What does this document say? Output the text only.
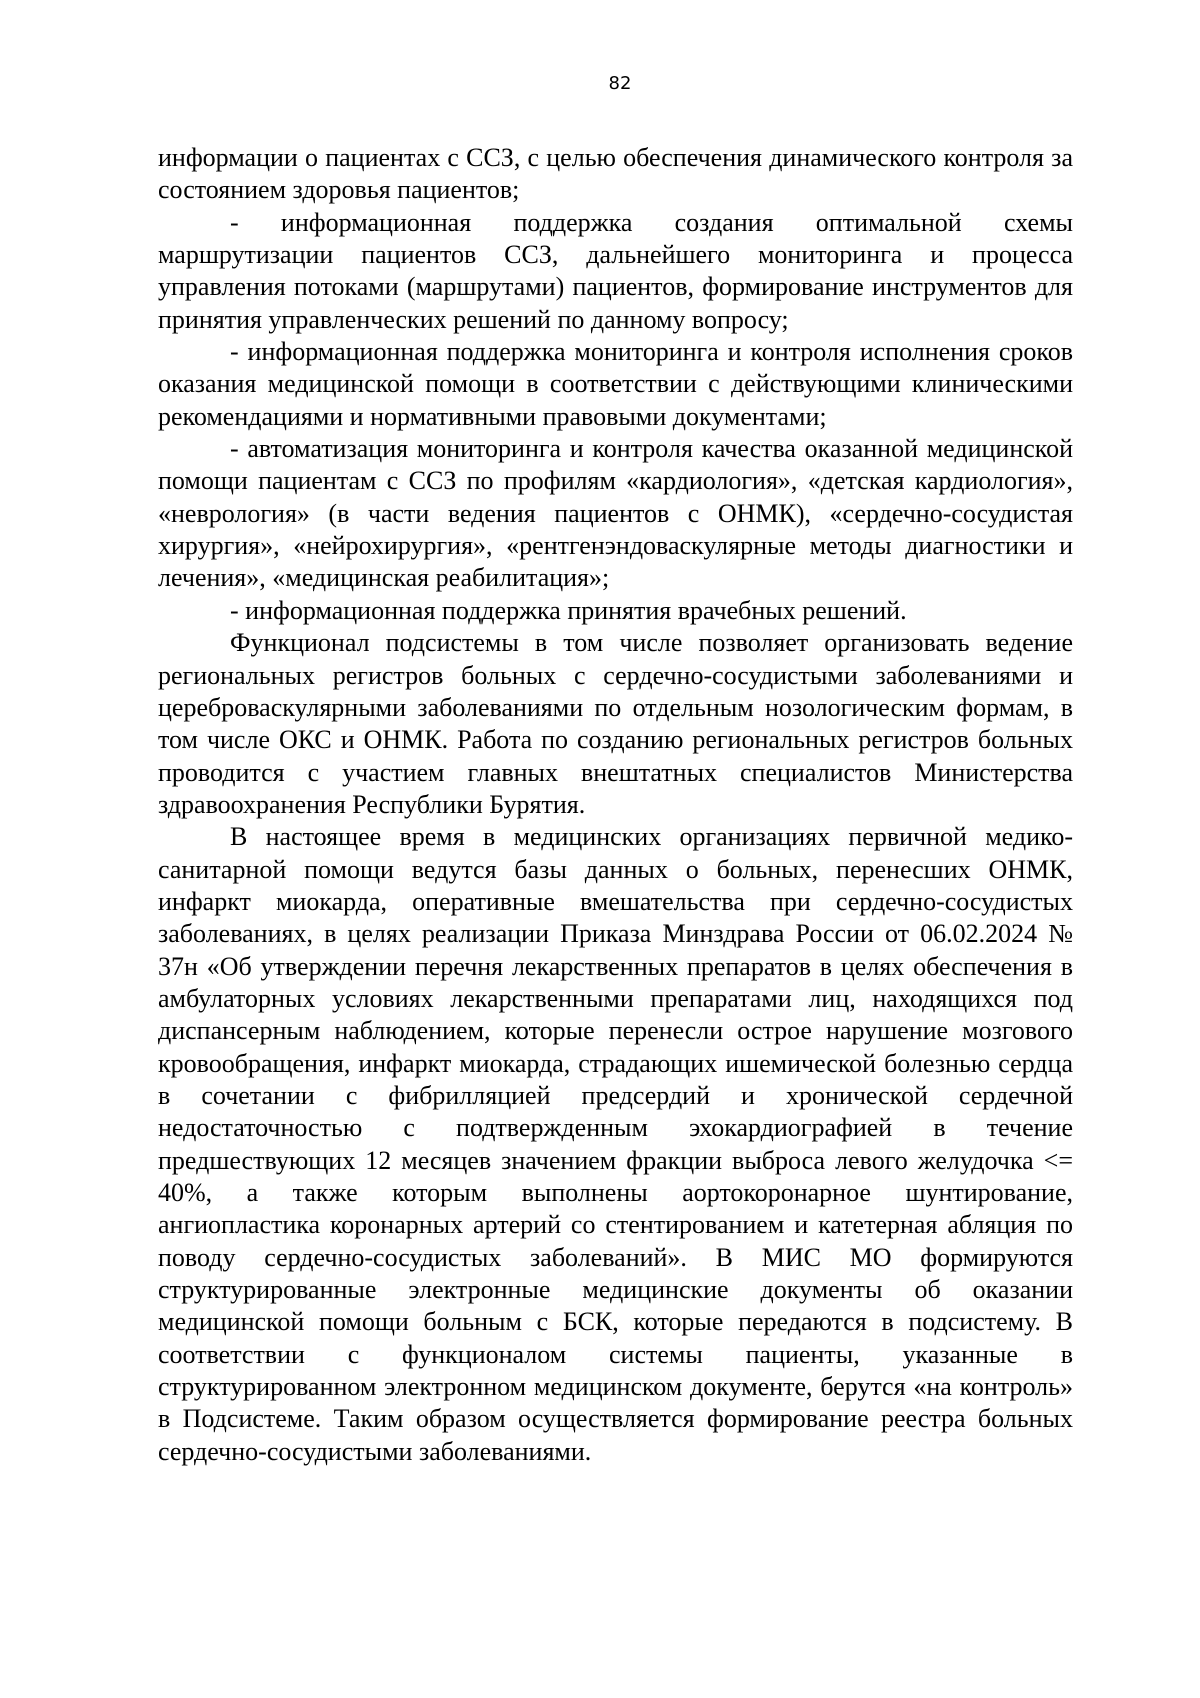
82

информации о пациентах с ССЗ, с целью обеспечения динамического контроля за состоянием здоровья пациентов;

- информационная поддержка создания оптимальной схемы маршрутизации пациентов ССЗ, дальнейшего мониторинга и процесса управления потоками (маршрутами) пациентов, формирование инструментов для принятия управленческих решений по данному вопросу;

- информационная поддержка мониторинга и контроля исполнения сроков оказания медицинской помощи в соответствии с действующими клиническими рекомендациями и нормативными правовыми документами;

- автоматизация мониторинга и контроля качества оказанной медицинской помощи пациентам с ССЗ по профилям «кардиология», «детская кардиология», «неврология» (в части ведения пациентов с ОНМК), «сердечно-сосудистая хирургия», «нейрохирургия», «рентгенэндоваскулярные методы диагностики и лечения», «медицинская реабилитация»;

- информационная поддержка принятия врачебных решений.

Функционал подсистемы в том числе позволяет организовать ведение региональных регистров больных с сердечно-сосудистыми заболеваниями и цереброваскулярными заболеваниями по отдельным нозологическим формам, в том числе ОКС и ОНМК. Работа по созданию региональных регистров больных проводится с участием главных внештатных специалистов Министерства здравоохранения Республики Бурятия.

В настоящее время в медицинских организациях первичной медико-санитарной помощи ведутся базы данных о больных, перенесших ОНМК, инфаркт миокарда, оперативные вмешательства при сердечно-сосудистых заболеваниях, в целях реализации Приказа Минздрава России от 06.02.2024 № 37н «Об утверждении перечня лекарственных препаратов в целях обеспечения в амбулаторных условиях лекарственными препаратами лиц, находящихся под диспансерным наблюдением, которые перенесли острое нарушение мозгового кровообращения, инфаркт миокарда, страдающих ишемической болезнью сердца в сочетании с фибрилляцией предсердий и хронической сердечной недостаточностью с подтвержденным эхокардиографией в течение предшествующих 12 месяцев значением фракции выброса левого желудочка <= 40%, а также которым выполнены аортокоронарное шунтирование, ангиопластика коронарных артерий со стентированием и катетерная абляция по поводу сердечно-сосудистых заболеваний». В МИС МО формируются структурированные электронные медицинские документы об оказании медицинской помощи больным с БСК, которые передаются в подсистему. В соответствии с функционалом системы пациенты, указанные в структурированном электронном медицинском документе, берутся «на контроль» в Подсистеме. Таким образом осуществляется формирование реестра больных сердечно-сосудистыми заболеваниями.
